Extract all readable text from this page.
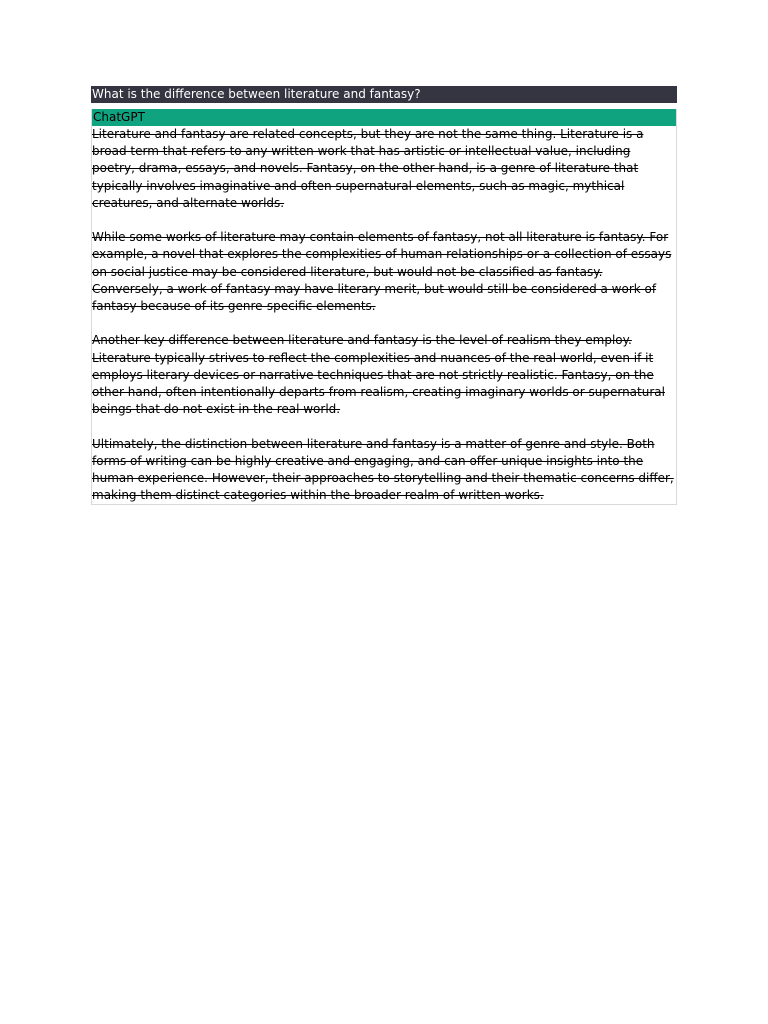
What is the difference between literature and fantasy?
ChatGPT

Literature and fantasy are related concepts, but they are not the same thing. Literature is a broad term that refers to any written work that has artistic or intellectual value, including poetry, drama, essays, and novels. Fantasy, on the other hand, is a genre of literature that typically involves imaginative and often supernatural elements, such as magic, mythical creatures, and alternate worlds.

While some works of literature may contain elements of fantasy, not all literature is fantasy. For example, a novel that explores the complexities of human relationships or a collection of essays on social justice may be considered literature, but would not be classified as fantasy. Conversely, a work of fantasy may have literary merit, but would still be considered a work of fantasy because of its genre-specific elements.

Another key difference between literature and fantasy is the level of realism they employ. Literature typically strives to reflect the complexities and nuances of the real world, even if it employs literary devices or narrative techniques that are not strictly realistic. Fantasy, on the other hand, often intentionally departs from realism, creating imaginary worlds or supernatural beings that do not exist in the real world.

Ultimately, the distinction between literature and fantasy is a matter of genre and style. Both forms of writing can be highly creative and engaging, and can offer unique insights into the human experience. However, their approaches to storytelling and their thematic concerns differ, making them distinct categories within the broader realm of written works.
